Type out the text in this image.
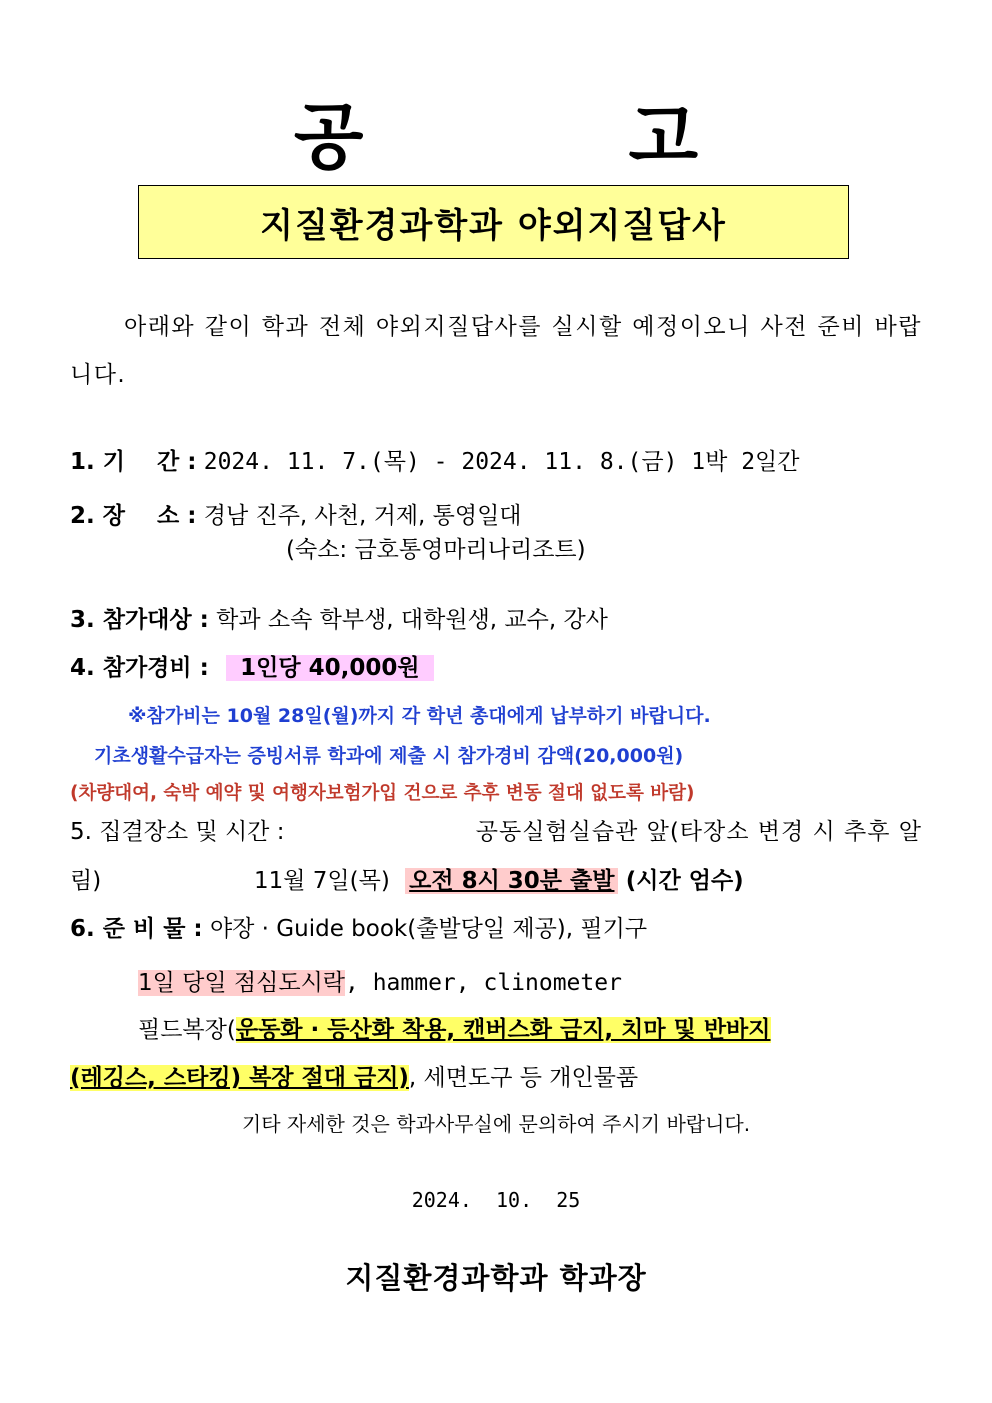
공 고
지질환경과학과 야외지질답사
아래와 같이 학과 전체 야외지질답사를 실시할 예정이오니 사전 준비 바랍니다.
1. 기    간 : 2024. 11. 7.(목) - 2024. 11. 8.(금) 1박 2일간
2. 장    소 : 경남 진주, 사천, 거제, 통영일대
(숙소: 금호통영마리나리조트)
3. 참가대상 : 학과 소속 학부생, 대학원생, 교수, 강사
4. 참가경비 : 1인당 40,000원
※참가비는 10월 28일(월)까지 각 학년 총대에게 납부하기 바랍니다.
기초생활수급자는 증빙서류 학과에 제출 시 참가경비 감액(20,000원)
(차량대여, 숙박 예약 및 여행자보험가입 건으로 추후 변동 절대 없도록 바람)
5. 집결장소 및 시간 :	공동실험실습관 앞(타장소 변경 시 추후 알
림)	11월 7일(목) 오전 8시 30분 출발 (시간 엄수)
6. 준 비 물 : 야장 · Guide book(출발당일 제공), 필기구
1일 당일 점심도시락, hammer, clinometer
필드복장(운동화 · 등산화 착용, 캔버스화 금지, 치마 및 반바지
(레깅스, 스타킹) 복장 절대 금지), 세면도구 등 개인물품
기타 자세한 것은 학과사무실에 문의하여 주시기 바랍니다.
2024.  10.  25
지질환경과학과 학과장
